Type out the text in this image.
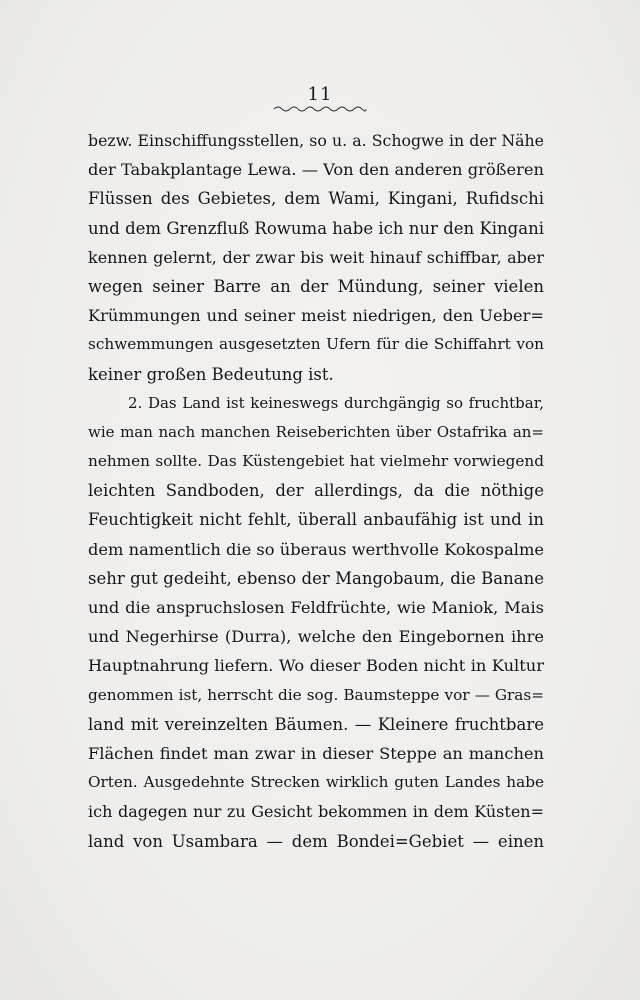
11
bezw. Einschiffungsstellen, so u. a. Schogwe in der Nähe
der Tabakplantage Lewa. — Von den anderen größeren
Flüssen des Gebietes, dem Wami, Kingani, Rufidschi
und dem Grenzfluß Rowuma habe ich nur den Kingani
kennen gelernt, der zwar bis weit hinauf schiffbar, aber
wegen seiner Barre an der Mündung, seiner vielen
Krümmungen und seiner meist niedrigen, den Ueber=
schwemmungen ausgesetzten Ufern für die Schiffahrt von
keiner großen Bedeutung ist.
2. Das Land ist keineswegs durchgängig so fruchtbar,
wie man nach manchen Reiseberichten über Ostafrika an=
nehmen sollte. Das Küstengebiet hat vielmehr vorwiegend
leichten Sandboden, der allerdings, da die nöthige
Feuchtigkeit nicht fehlt, überall anbaufähig ist und in
dem namentlich die so überaus werthvolle Kokospalme
sehr gut gedeiht, ebenso der Mangobaum, die Banane
und die anspruchslosen Feldfrüchte, wie Maniok, Mais
und Negerhirse (Durra), welche den Eingebornen ihre
Hauptnahrung liefern. Wo dieser Boden nicht in Kultur
genommen ist, herrscht die sog. Baumsteppe vor — Gras=
land mit vereinzelten Bäumen. — Kleinere fruchtbare
Flächen findet man zwar in dieser Steppe an manchen
Orten. Ausgedehnte Strecken wirklich guten Landes habe
ich dagegen nur zu Gesicht bekommen in dem Küsten=
land von Usambara — dem Bondei=Gebiet — einen
